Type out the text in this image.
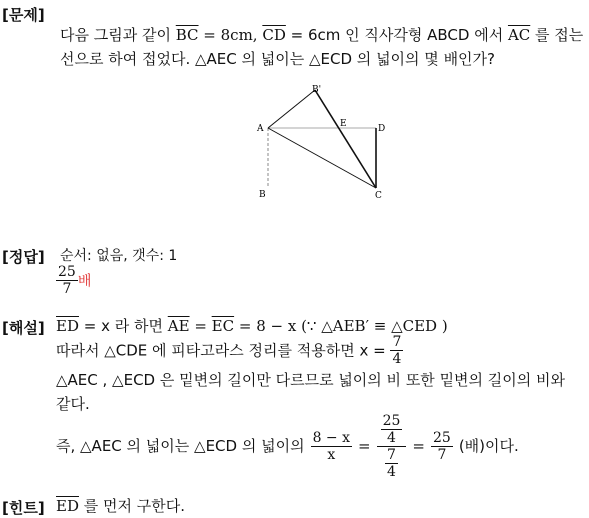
[문제]
다음 그림과 같이 $\overline{BC} = 8cm$, $\overline{CD} = 6cm$ 인 직사각형 ABCD 에서 $\overline{AC}$ 를 접는
선으로 하여 접었다. △AEC 의 넓이는 △ECD 의 넓이의 몇 배인가?
A
B	C
D
E
B'
[정답] 순서: 없음, 갯수: 1
$\frac{25}{7}$ 배
[해설] $\overline{ED} = x$ 라 하면 $\overline{AE} = \overline{EC} = 8 - x$ (∵ △AEB′ ≡ △CED )
따라서 △CDE 에 피타고라스 정리를 적용하면 $x = \frac{7}{4}$
△AEC , △ECD 은 밑변의 길이만 다르므로 넓이의 비 또한 밑변의 길이의 비와
같다.
즉, △AEC 의 넓이는 △ECD 의 넓이의 $\frac{8 - x}{x} = \frac{\frac{25}{4}}{\frac{7}{4}} = \frac{25}{7}$ (배)이다.
[힌트] $\overline{ED}$ 를 먼저 구한다.
